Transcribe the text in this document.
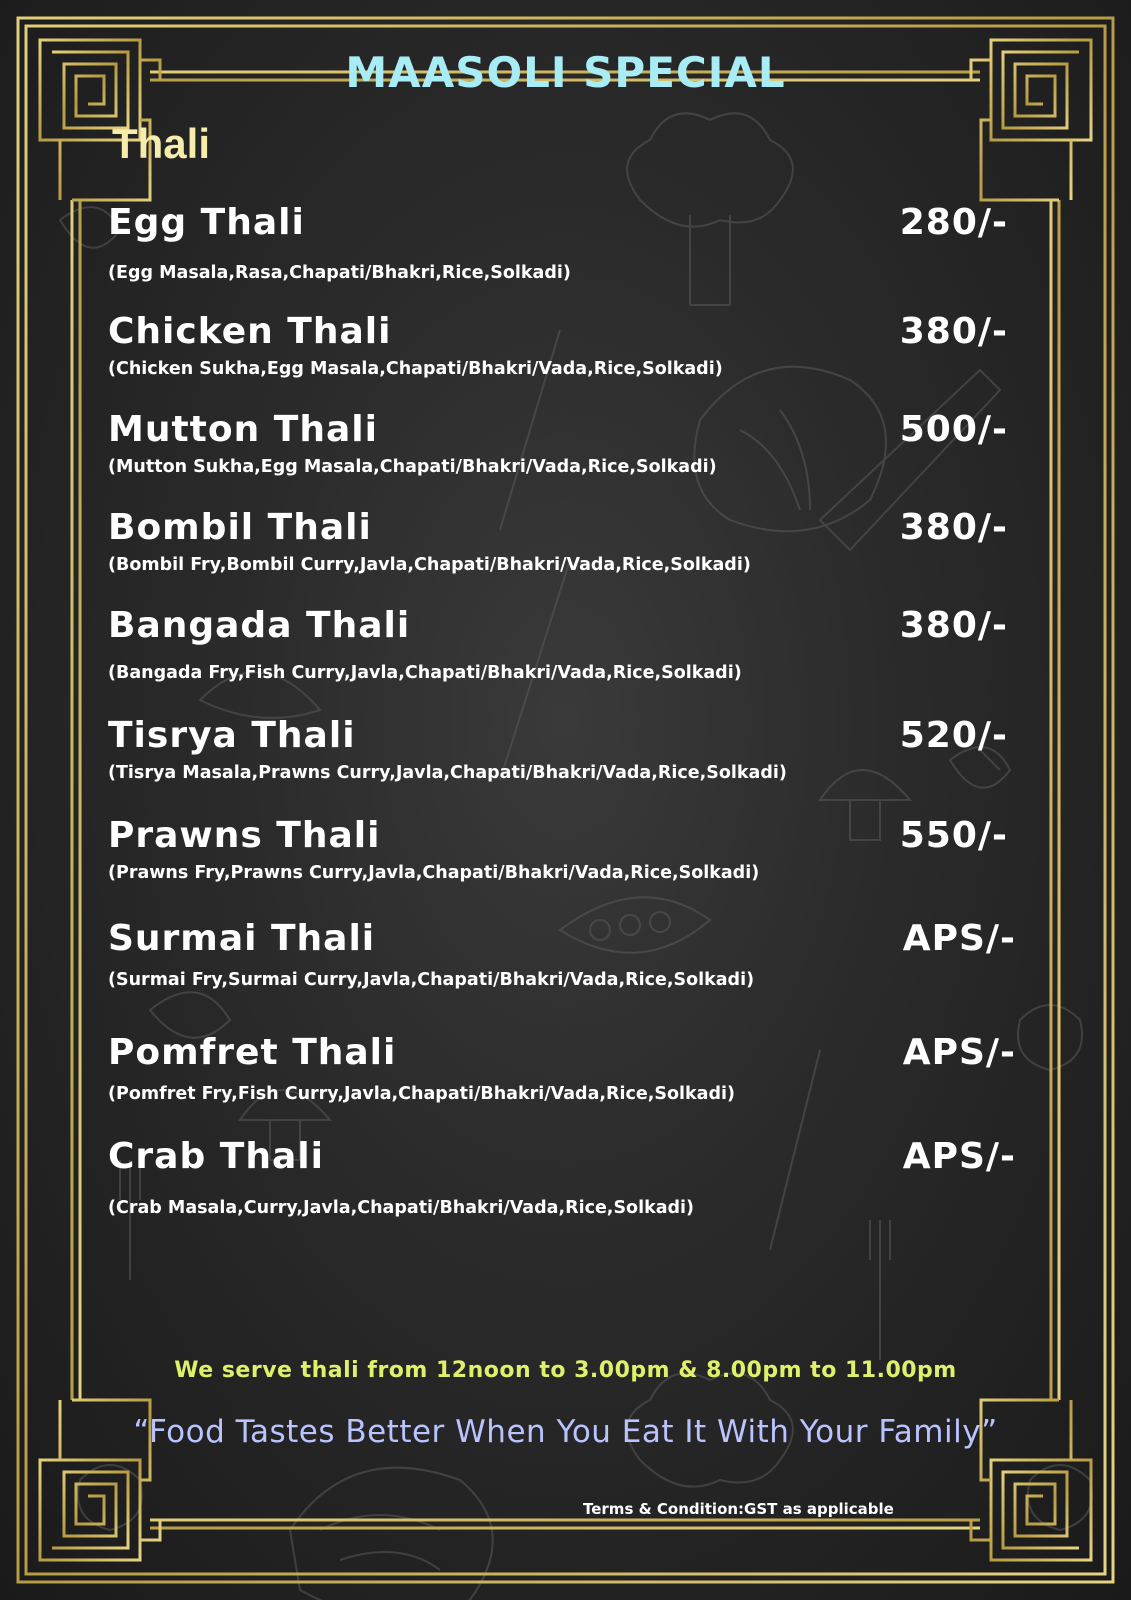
MAASOLI SPECIAL
Thali
Egg Thali	280/-
(Egg Masala,Rasa,Chapati/Bhakri,Rice,Solkadi)
Chicken Thali	380/-
(Chicken Sukha,Egg Masala,Chapati/Bhakri/Vada,Rice,Solkadi)
Mutton Thali	500/-
(Mutton Sukha,Egg Masala,Chapati/Bhakri/Vada,Rice,Solkadi)
Bombil Thali	380/-
(Bombil Fry,Bombil Curry,Javla,Chapati/Bhakri/Vada,Rice,Solkadi)
Bangada Thali	380/-
(Bangada Fry,Fish Curry,Javla,Chapati/Bhakri/Vada,Rice,Solkadi)
Tisrya Thali	520/-
(Tisrya Masala,Prawns Curry,Javla,Chapati/Bhakri/Vada,Rice,Solkadi)
Prawns Thali	550/-
(Prawns Fry,Prawns Curry,Javla,Chapati/Bhakri/Vada,Rice,Solkadi)
Surmai Thali	APS/-
(Surmai Fry,Surmai Curry,Javla,Chapati/Bhakri/Vada,Rice,Solkadi)
Pomfret Thali	APS/-
(Pomfret Fry,Fish Curry,Javla,Chapati/Bhakri/Vada,Rice,Solkadi)
Crab Thali	APS/-
(Crab Masala,Curry,Javla,Chapati/Bhakri/Vada,Rice,Solkadi)
We serve thali from 12noon to 3.00pm & 8.00pm to 11.00pm
“Food Tastes Better When You Eat It With Your Family”
Terms & Condition:GST as applicable
